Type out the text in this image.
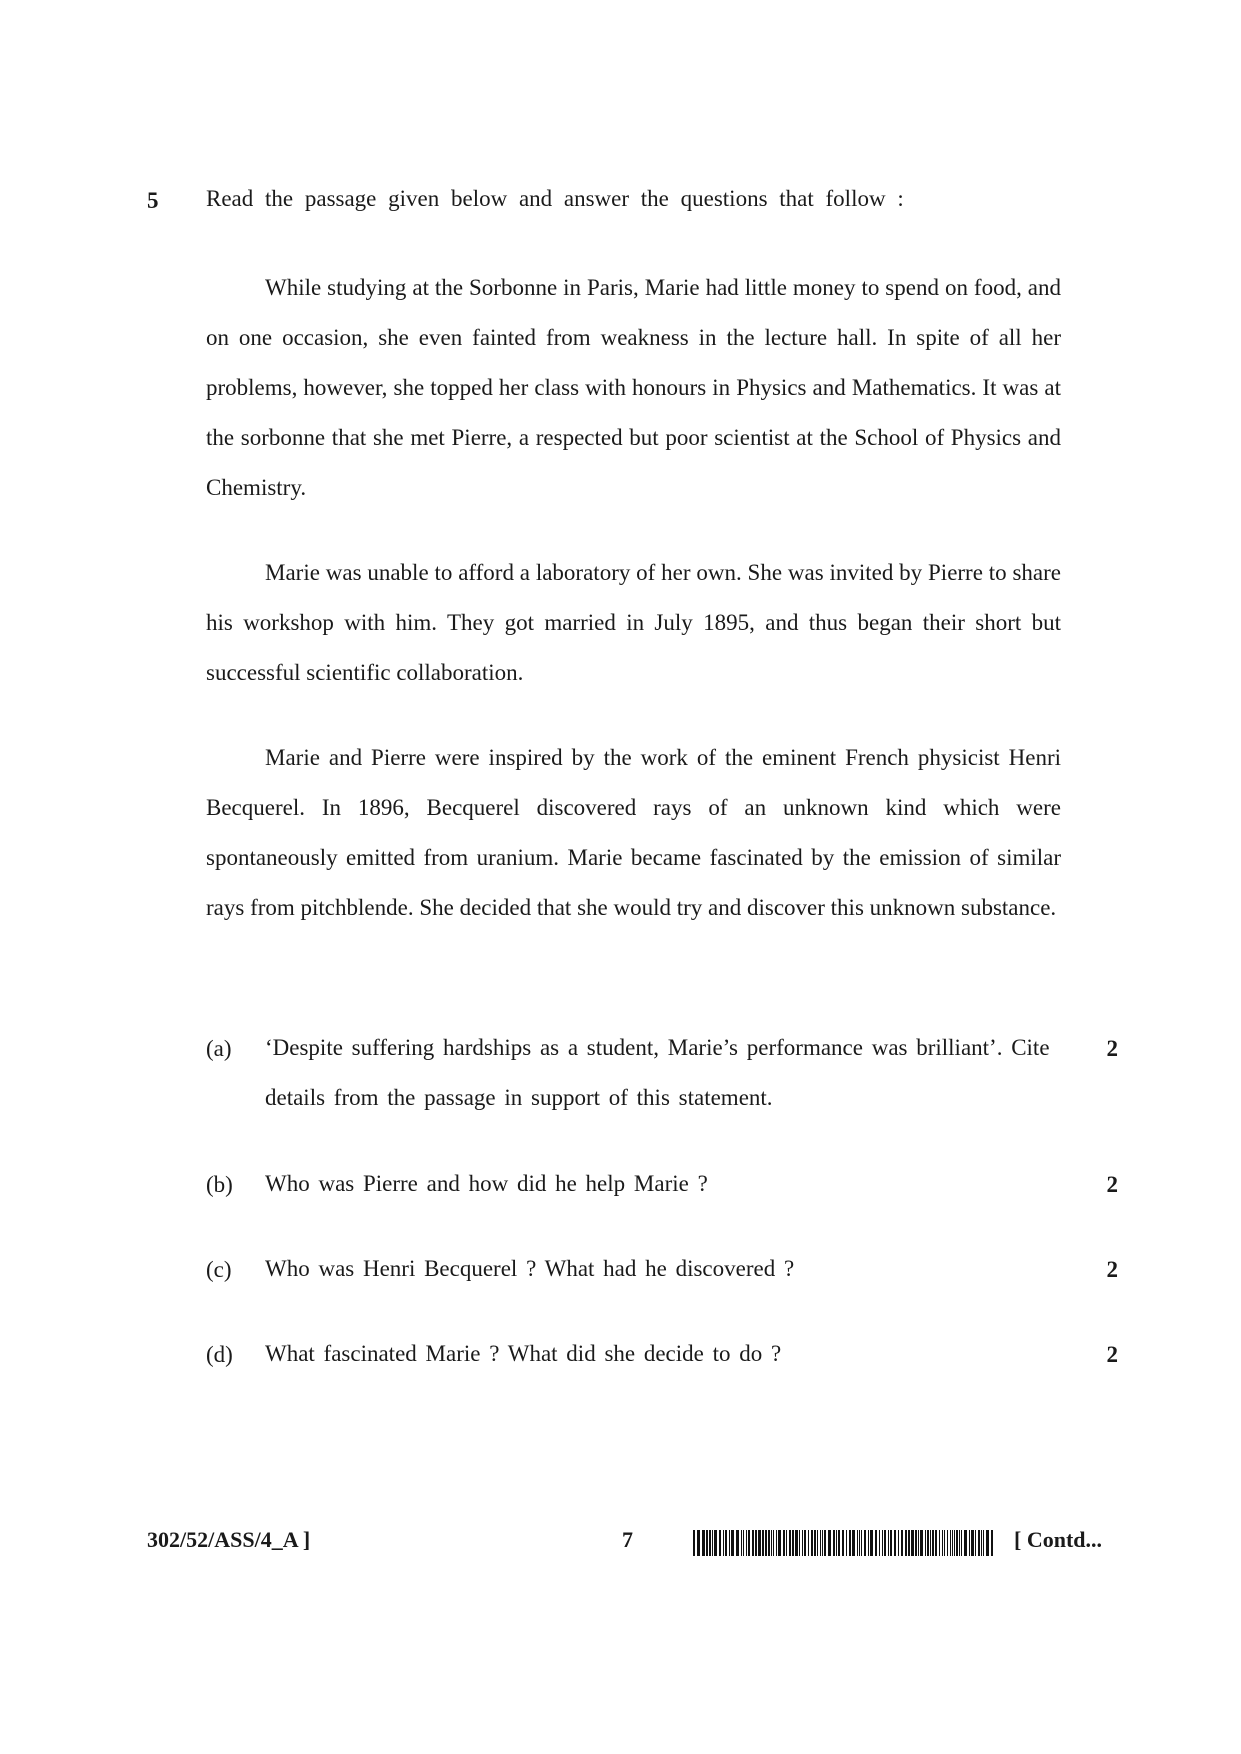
5 Read the passage given below and answer the questions that follow :

While studying at the Sorbonne in Paris, Marie had little money to spend on food, and on one occasion, she even fainted from weakness in the lecture hall. In spite of all her problems, however, she topped her class with honours in Physics and Mathematics. It was at the sorbonne that she met Pierre, a respected but poor scientist at the School of Physics and Chemistry.

Marie was unable to afford a laboratory of her own. She was invited by Pierre to share his workshop with him. They got married in July 1895, and thus began their short but successful scientific collaboration.

Marie and Pierre were inspired by the work of the eminent French physicist Henri Becquerel. In 1896, Becquerel discovered rays of an unknown kind which were spontaneously emitted from uranium. Marie became fascinated by the emission of similar rays from pitchblende. She decided that she would try and discover this unknown substance.

(a) ‘Despite suffering hardships as a student, Marie’s performance was brilliant’. Cite details from the passage in support of this statement.
2
(b) Who was Pierre and how did he help Marie ?	2
(c) Who was Henri Becquerel ? What had he discovered ?	2
(d) What fascinated Marie ? What did she decide to do ?	2
302/52/ASS/4_A ]	7	[ Contd...
